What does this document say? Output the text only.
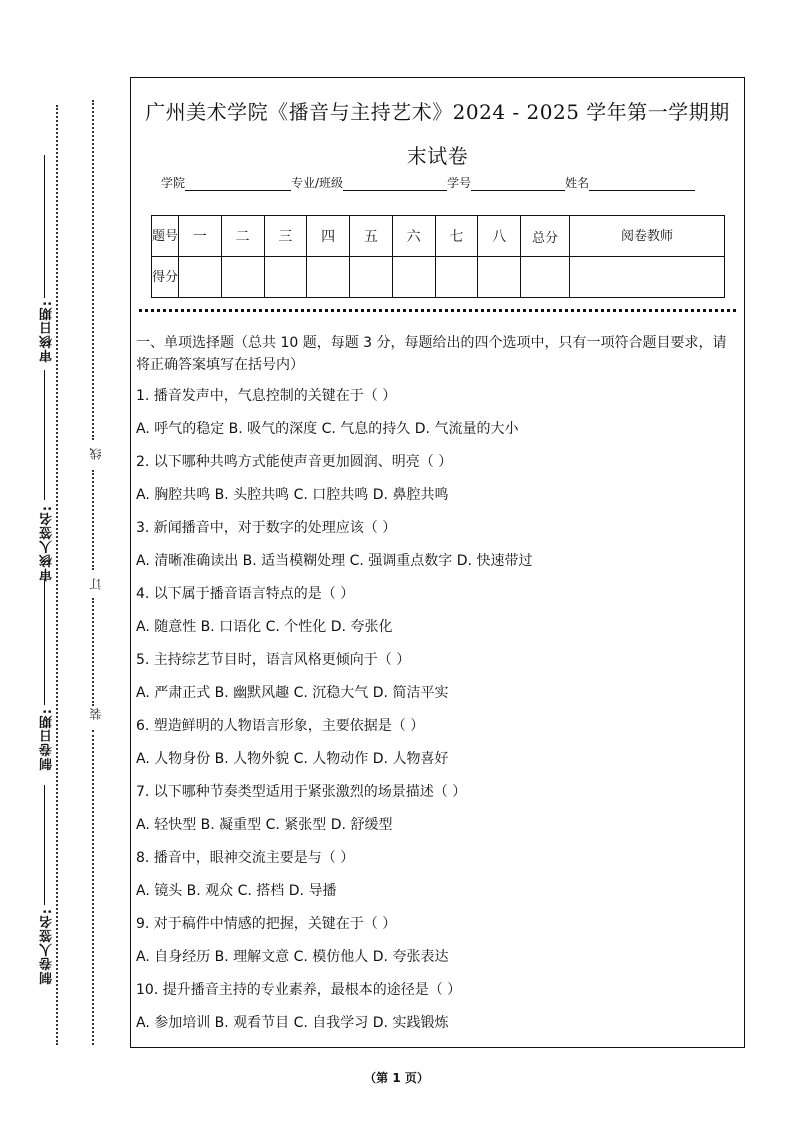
审核日期:
审核人签名:
制卷日期:
制卷人签名:
线
订
装
广州美术学院《播音与主持艺术》2024 - 2025 学年第一学期期末试卷
学院	专业/班级	学号	姓名
题号	一	二	三	四	五	六	七	八	总分	阅卷教师
得分										
一、单项选择题（总共 10 题，每题 3 分，每题给出的四个选项中，只有一项符合题目要求，请将正确答案填写在括号内）
1. 播音发声中，气息控制的关键在于（ ）
A. 呼气的稳定 B. 吸气的深度 C. 气息的持久 D. 气流量的大小
2. 以下哪种共鸣方式能使声音更加圆润、明亮（ ）
A. 胸腔共鸣 B. 头腔共鸣 C. 口腔共鸣 D. 鼻腔共鸣
3. 新闻播音中，对于数字的处理应该（ ）
A. 清晰准确读出 B. 适当模糊处理 C. 强调重点数字 D. 快速带过
4. 以下属于播音语言特点的是（ ）
A. 随意性 B. 口语化 C. 个性化 D. 夸张化
5. 主持综艺节目时，语言风格更倾向于（ ）
A. 严肃正式 B. 幽默风趣 C. 沉稳大气 D. 简洁平实
6. 塑造鲜明的人物语言形象，主要依据是（ ）
A. 人物身份 B. 人物外貌 C. 人物动作 D. 人物喜好
7. 以下哪种节奏类型适用于紧张激烈的场景描述（ ）
A. 轻快型 B. 凝重型 C. 紧张型 D. 舒缓型
8. 播音中，眼神交流主要是与（ ）
A. 镜头 B. 观众 C. 搭档 D. 导播
9. 对于稿件中情感的把握，关键在于（ ）
A. 自身经历 B. 理解文意 C. 模仿他人 D. 夸张表达
10. 提升播音主持的专业素养，最根本的途径是（ ）
A. 参加培训 B. 观看节目 C. 自我学习 D. 实践锻炼
（第 1 页）
